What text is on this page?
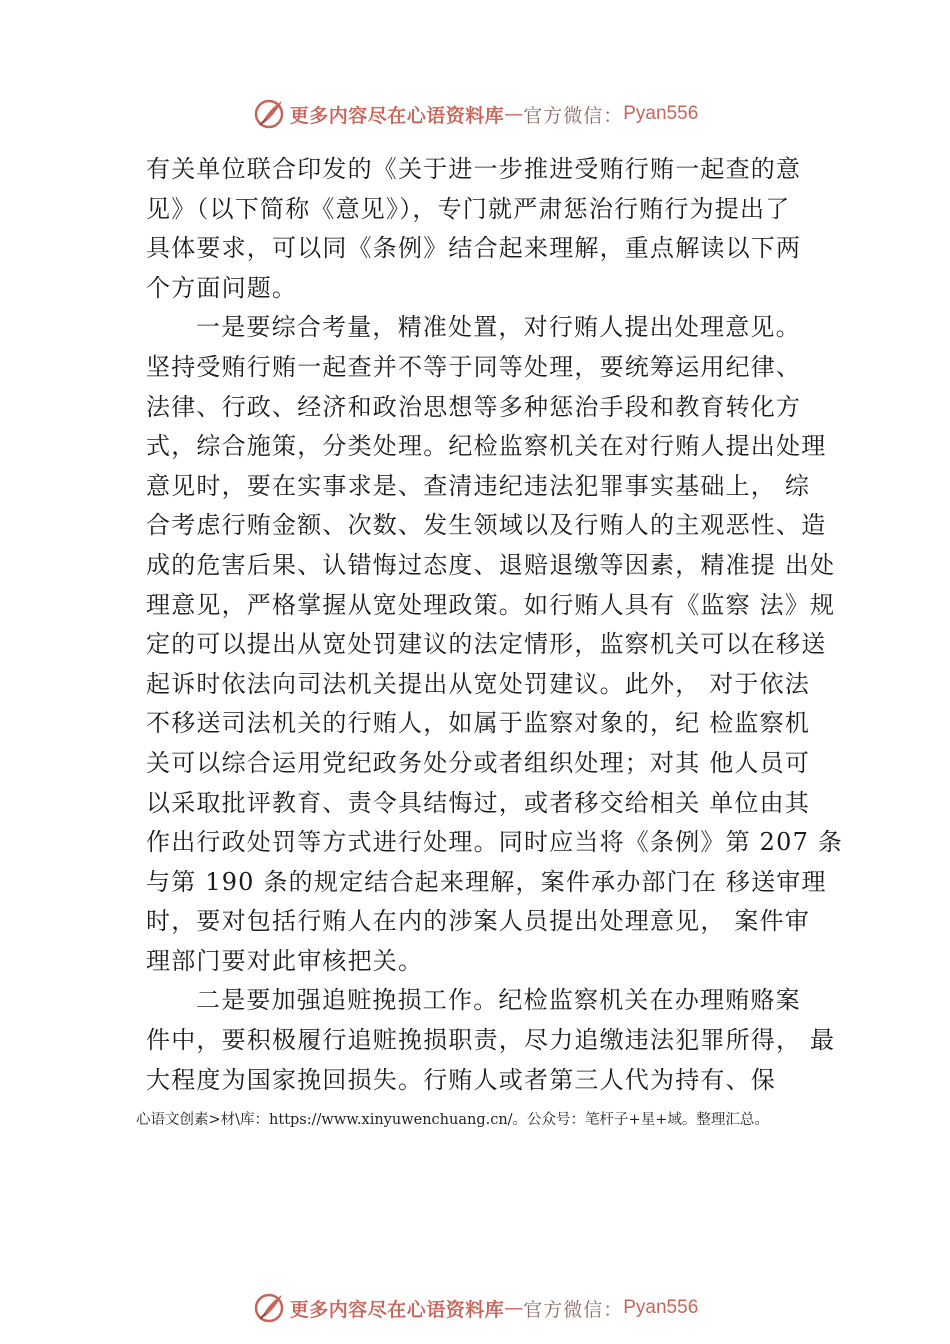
更多内容尽在心语资料库 — 官方微信： Pyan556
有关单位联合印发的《关于进一步推进受贿行贿一起查的意
见》（以下简称《意见》），专门就严肃惩治行贿行为提出了
具体要求，可以同《条例》结合起来理解，重点解读以下两
个方面问题。
一是要综合考量，精准处置，对行贿人提出处理意见。
坚持受贿行贿一起查并不等于同等处理，要统筹运用纪律、
法律、行政、经济和政治思想等多种惩治手段和教育转化方
式，综合施策，分类处理。纪检监察机关在对行贿人提出处理
意见时，要在实事求是、查清违纪违法犯罪事实基础上， 综
合考虑行贿金额、次数、发生领域以及行贿人的主观恶性、造
成的危害后果、认错悔过态度、退赔退缴等因素，精准提 出处
理意见，严格掌握从宽处理政策。如行贿人具有《监察 法》规
定的可以提出从宽处罚建议的法定情形，监察机关可以在移送
起诉时依法向司法机关提出从宽处罚建议。此外， 对于依法
不移送司法机关的行贿人，如属于监察对象的，纪 检监察机
关可以综合运用党纪政务处分或者组织处理；对其 他人员可
以采取批评教育、责令具结悔过，或者移交给相关 单位由其
作出行政处罚等方式进行处理。同时应当将《条例》第 207 条
与第 190 条的规定结合起来理解，案件承办部门在 移送审理
时，要对包括行贿人在内的涉案人员提出处理意见， 案件审
理部门要对此审核把关。
二是要加强追赃挽损工作。纪检监察机关在办理贿赂案
件中，要积极履行追赃挽损职责，尽力追缴违法犯罪所得， 最
大程度为国家挽回损失。行贿人或者第三人代为持有、保
心语文创素>材\库：https://www.xinyuwenchuang.cn/。公众号：笔杆子+星+域。整理汇总。
更多内容尽在心语资料库 — 官方微信： Pyan556
